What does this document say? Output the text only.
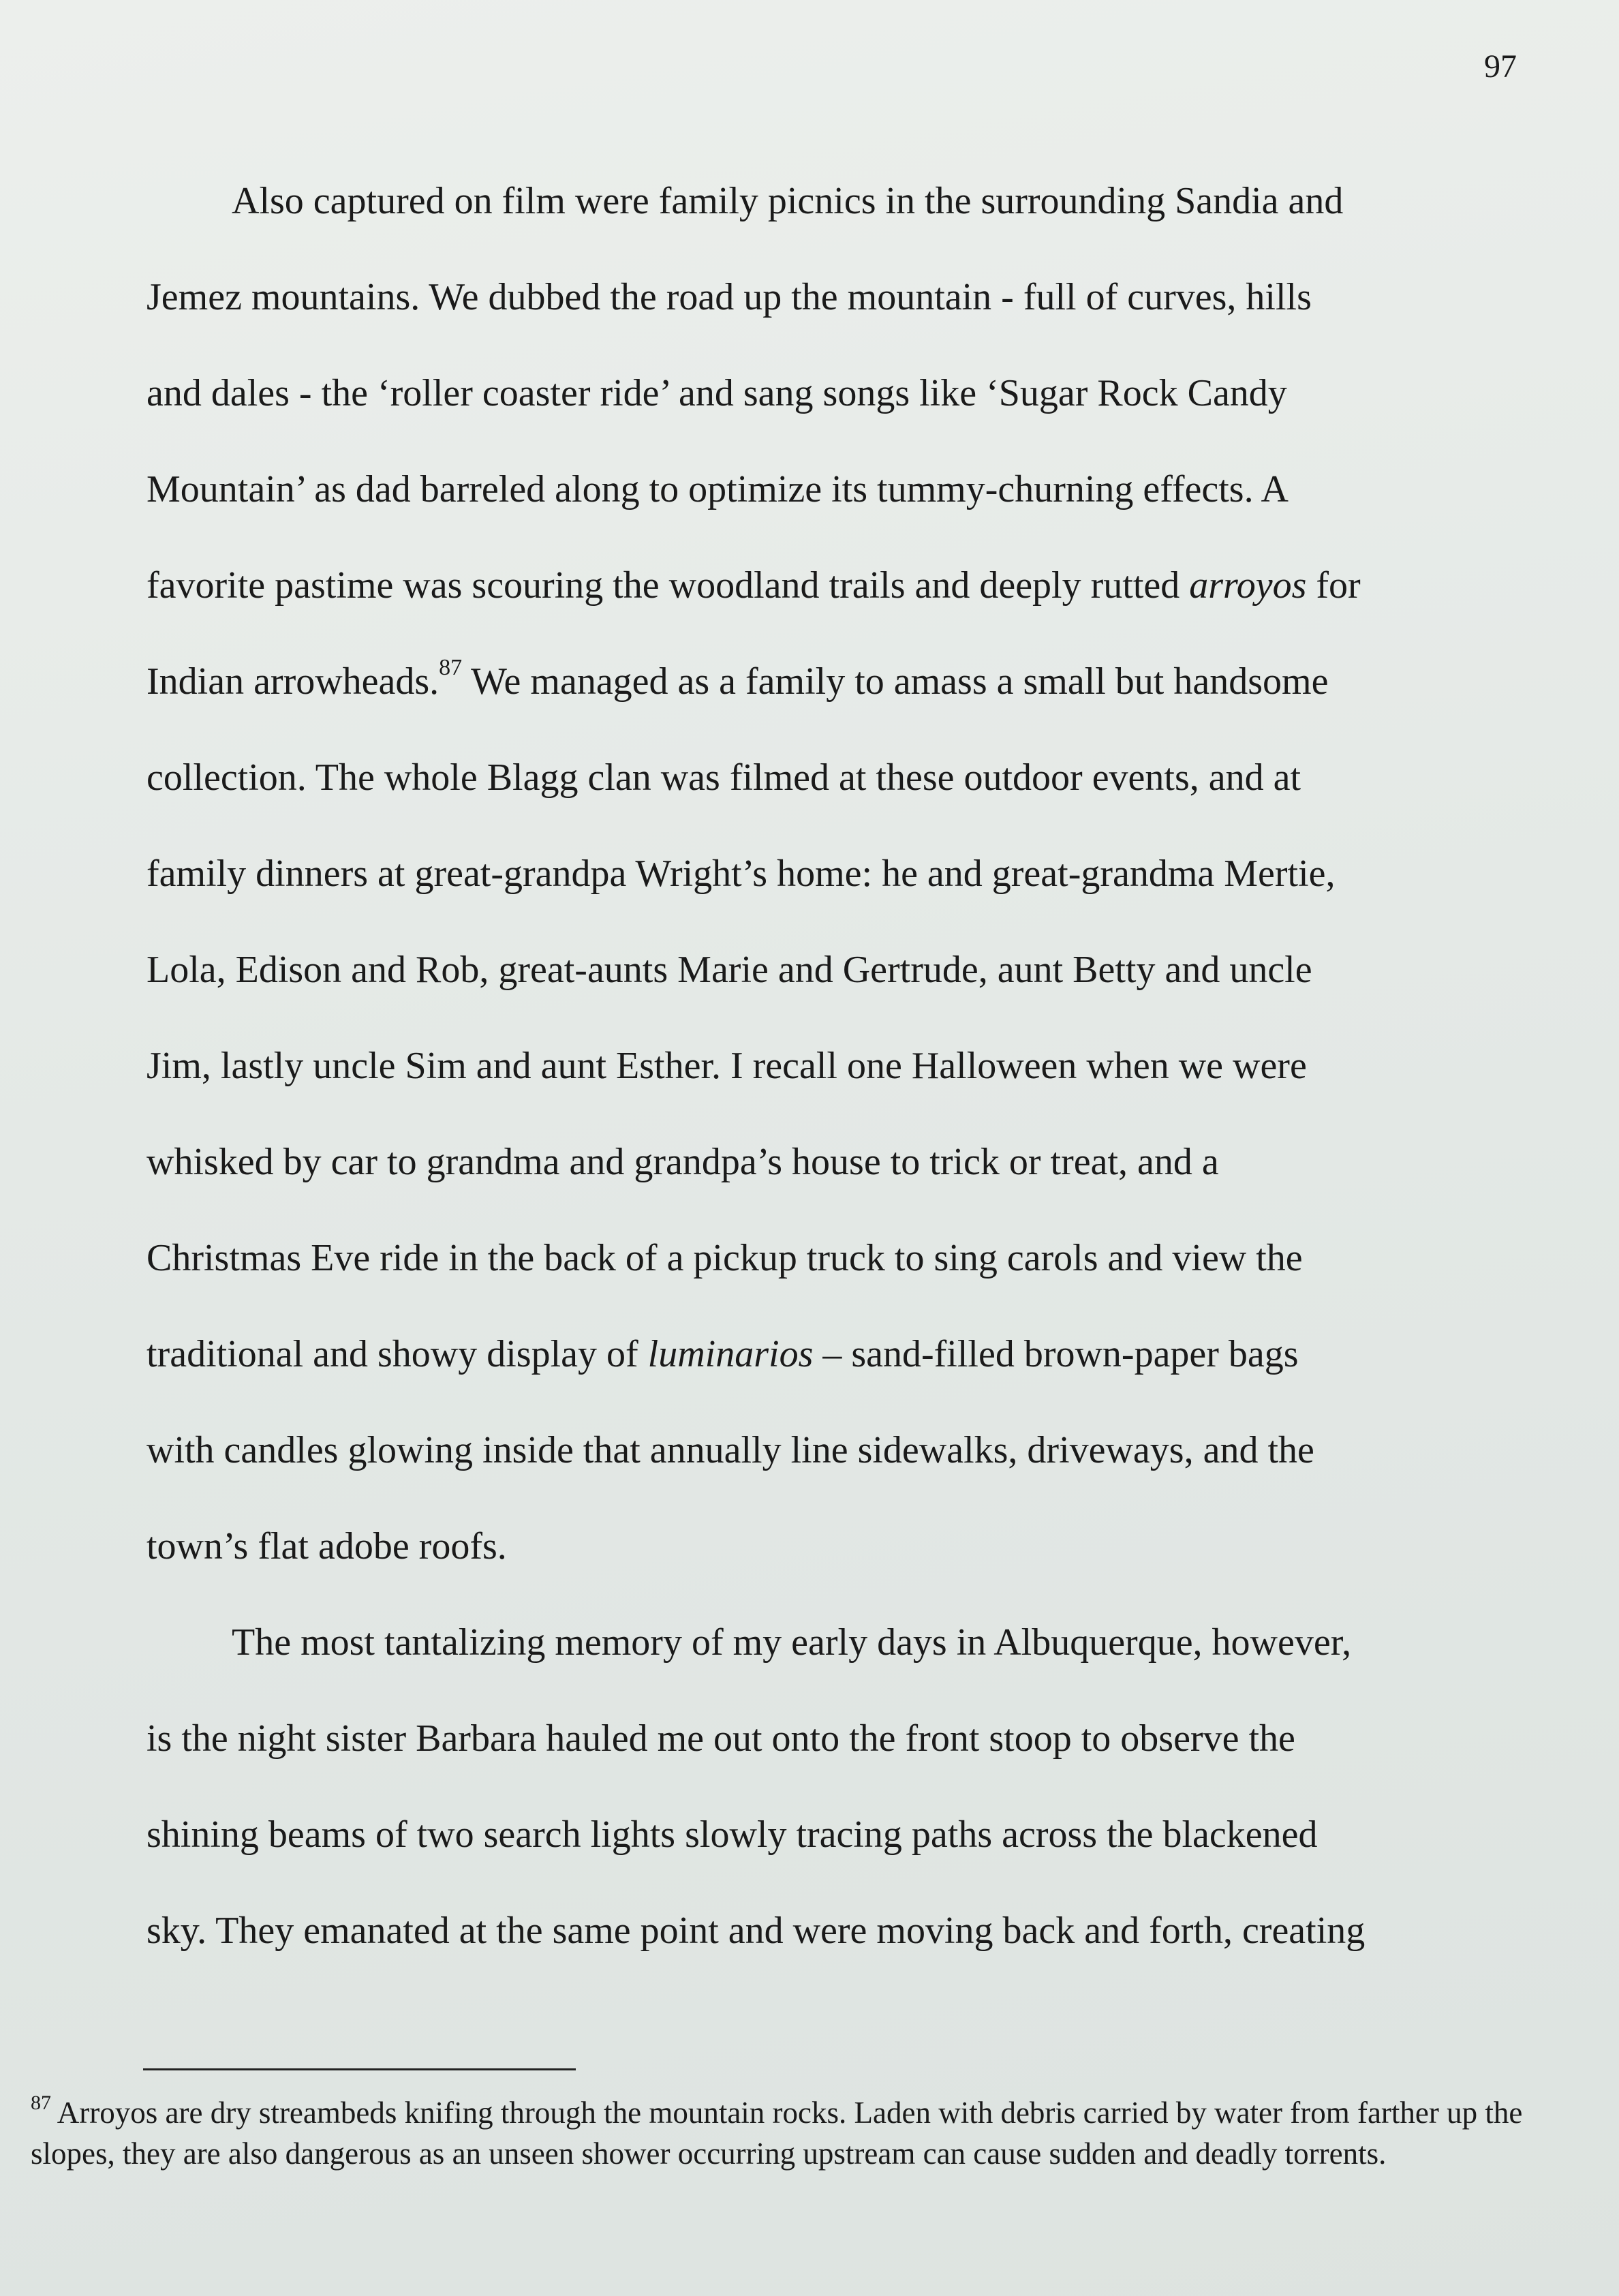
97
Also captured on film were family picnics in the surrounding Sandia and
Jemez mountains. We dubbed the road up the mountain - full of curves, hills
and dales - the ‘roller coaster ride’ and sang songs like ‘Sugar Rock Candy
Mountain’ as dad barreled along to optimize its tummy-churning effects. A
favorite pastime was scouring the woodland trails and deeply rutted arroyos for
Indian arrowheads.$^{87}$ We managed as a family to amass a small but handsome
collection. The whole Blagg clan was filmed at these outdoor events, and at
family dinners at great-grandpa Wright’s home: he and great-grandma Mertie,
Lola, Edison and Rob, great-aunts Marie and Gertrude, aunt Betty and uncle
Jim, lastly uncle Sim and aunt Esther. I recall one Halloween when we were
whisked by car to grandma and grandpa’s house to trick or treat, and a
Christmas Eve ride in the back of a pickup truck to sing carols and view the
traditional and showy display of luminarios – sand-filled brown-paper bags
with candles glowing inside that annually line sidewalks, driveways, and the
town’s flat adobe roofs.
The most tantalizing memory of my early days in Albuquerque, however,
is the night sister Barbara hauled me out onto the front stoop to observe the
shining beams of two search lights slowly tracing paths across the blackened
sky. They emanated at the same point and were moving back and forth, creating
$^{87}$ Arroyos are dry streambeds knifing through the mountain rocks. Laden with debris carried by water from farther up the slopes, they are also dangerous as an unseen shower occurring upstream can cause sudden and deadly torrents.
